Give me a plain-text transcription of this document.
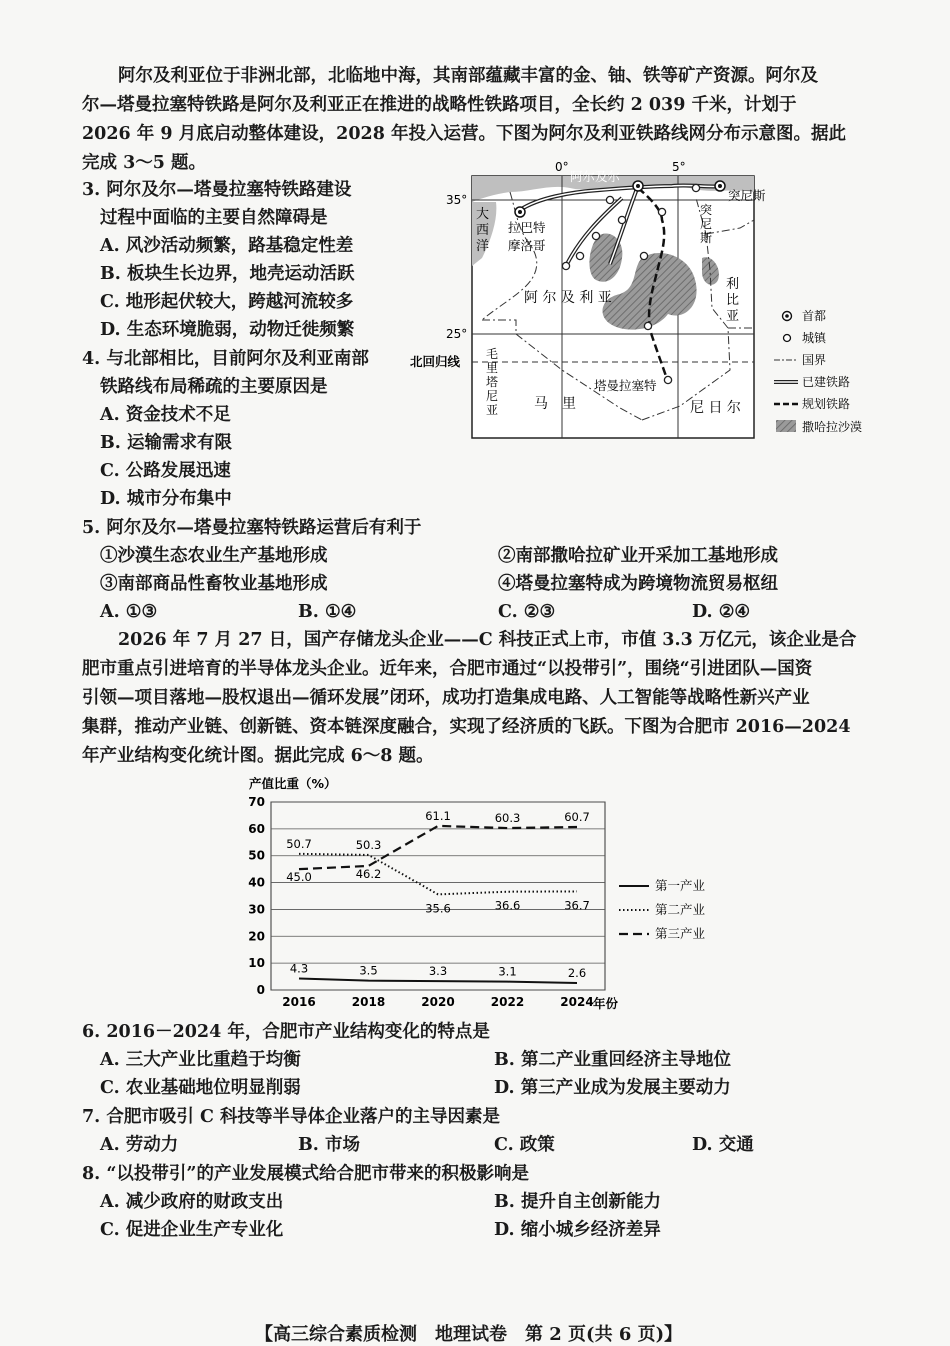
阿尔及利亚位于非洲北部，北临地中海，其南部蕴藏丰富的金、铀、铁等矿产资源。阿尔及
尔—塔曼拉塞特铁路是阿尔及利亚正在推进的战略性铁路项目，全长约 2 039 千米，计划于
2026 年 9 月底启动整体建设，2028 年投入运营。下图为阿尔及利亚铁路线网分布示意图。据此
完成 3～5 题。
3. 阿尔及尔—塔曼拉塞特铁路建设
过程中面临的主要自然障碍是
A. 风沙活动频繁，路基稳定性差
B. 板块生长边界，地壳运动活跃
C. 地形起伏较大，跨越河流较多
D. 生态环境脆弱，动物迁徙频繁
4. 与北部相比，目前阿尔及利亚南部
铁路线布局稀疏的主要原因是
A. 资金技术不足
B. 运输需求有限
C. 公路发展迅速
D. 城市分布集中
0°	5°
35°
25°
北回归线
大
西
洋
阿尔及尔
突尼斯
拉巴特
摩洛哥
塔曼拉塞特
阿 尔 及 利 亚
马　里	尼 日 尔
利
比
亚
突
尼
斯
毛
里
塔
尼
亚
首都
城镇
国界
已建铁路
规划铁路
撒哈拉沙漠
5. 阿尔及尔—塔曼拉塞特铁路运营后有利于
①沙漠生态农业生产基地形成	②南部撒哈拉矿业开采加工基地形成
③南部商品性畜牧业基地形成	④塔曼拉塞特成为跨境物流贸易枢纽
A. ①③	B. ①④	C. ②③	D. ②④
2026 年 7 月 27 日，国产存储龙头企业——C 科技正式上市，市值 3.3 万亿元，该企业是合
肥市重点引进培育的半导体龙头企业。近年来，合肥市通过“以投带引”，围绕“引进团队—国资
引领—项目落地—股权退出—循环发展”闭环，成功打造集成电路、人工智能等战略性新兴产业
集群，推动产业链、创新链、资本链深度融合，实现了经济质的飞跃。下图为合肥市 2016—2024
年产业结构变化统计图。据此完成 6～8 题。
产值比重（%）
年份
0
10
20
30
40
50
60
70
2016	2018	2020	2022	2024
4.3	3.5	3.3	3.1	2.6
50.7	50.3
35.6	36.6	36.7
45.0	46.2
61.1	60.3	60.7
第一产业
第二产业
第三产业
6. 2016－2024 年，合肥市产业结构变化的特点是
A. 三大产业比重趋于均衡	B. 第二产业重回经济主导地位
C. 农业基础地位明显削弱	D. 第三产业成为发展主要动力
7. 合肥市吸引 C 科技等半导体企业落户的主导因素是
A. 劳动力	B. 市场	C. 政策	D. 交通
8. “以投带引”的产业发展模式给合肥市带来的积极影响是
A. 减少政府的财政支出	B. 提升自主创新能力
C. 促进企业生产专业化	D. 缩小城乡经济差异
【高三综合素质检测　地理试卷　第 2 页(共 6 页)】
